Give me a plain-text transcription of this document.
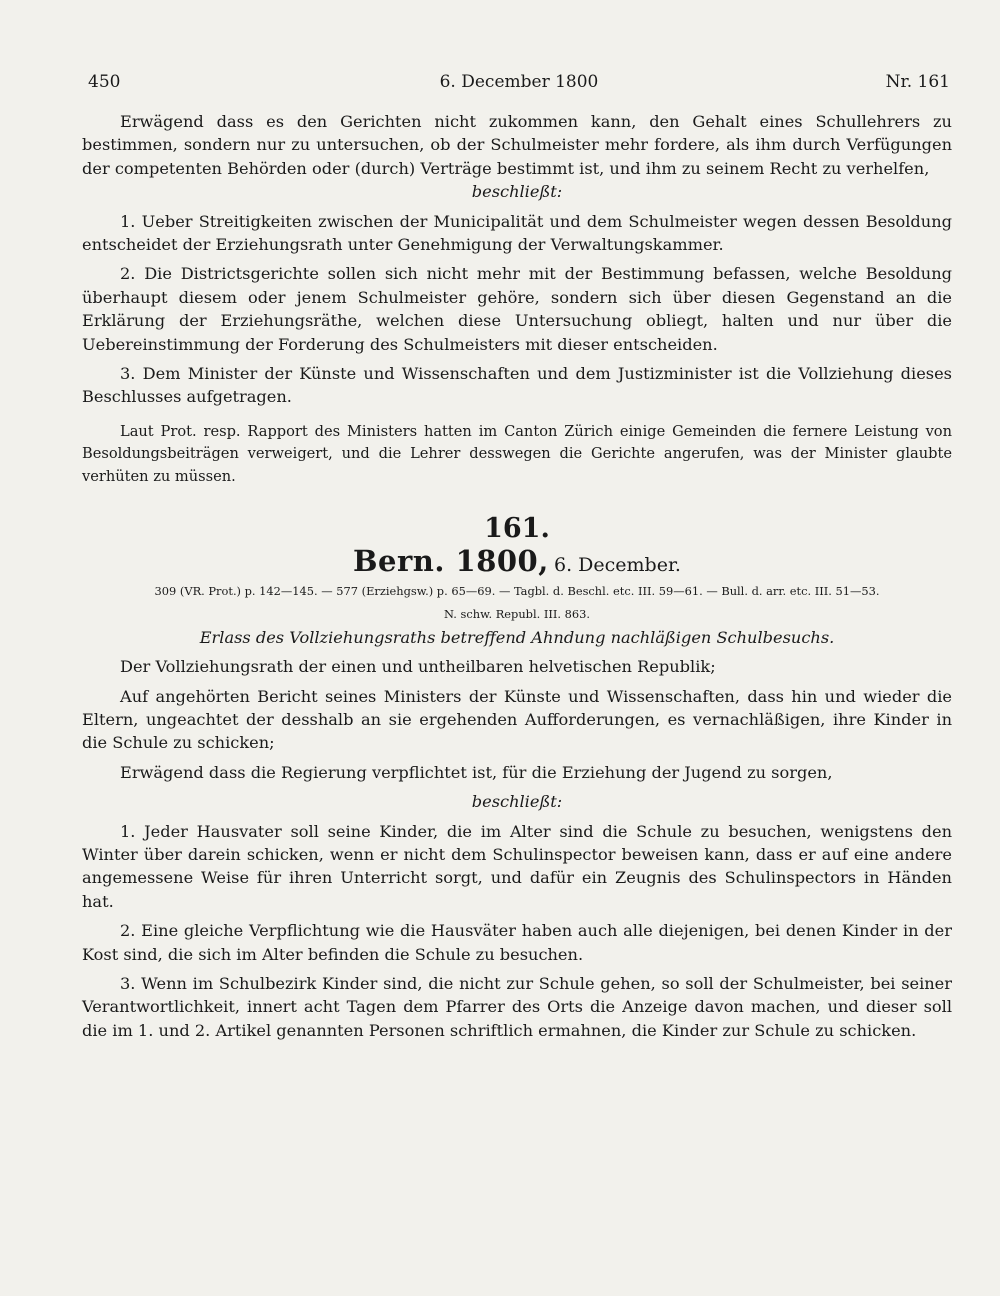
450	6. December 1800	Nr. 161

Erwägend dass es den Gerichten nicht zukommen kann, den Gehalt eines Schullehrers zu bestimmen, sondern nur zu untersuchen, ob der Schulmeister mehr fordere, als ihm durch Verfügungen der competenten Behörden oder (durch) Verträge bestimmt ist, und ihm zu seinem Recht zu verhelfen,

beschließt:

1. Ueber Streitigkeiten zwischen der Municipalität und dem Schulmeister wegen dessen Besoldung entscheidet der Erziehungsrath unter Genehmigung der Verwaltungskammer.

2. Die Districtsgerichte sollen sich nicht mehr mit der Bestimmung befassen, welche Besoldung überhaupt diesem oder jenem Schulmeister gehöre, sondern sich über diesen Gegenstand an die Erklärung der Erziehungsräthe, welchen diese Untersuchung obliegt, halten und nur über die Uebereinstimmung der Forderung des Schulmeisters mit dieser entscheiden.

3. Dem Minister der Künste und Wissenschaften und dem Justizminister ist die Vollziehung dieses Beschlusses aufgetragen.

Laut Prot. resp. Rapport des Ministers hatten im Canton Zürich einige Gemeinden die fernere Leistung von Besoldungsbeiträgen verweigert, und die Lehrer desswegen die Gerichte angerufen, was der Minister glaubte verhüten zu müssen.

161.

Bern. 1800, 6. December.

309 (VR. Prot.) p. 142—145. — 577 (Erziehgsw.) p. 65—69. — Tagbl. d. Beschl. etc. III. 59—61. — Bull. d. arr. etc. III. 51—53.

N. schw. Republ. III. 863.

Erlass des Vollziehungsraths betreffend Ahndung nachläßigen Schulbesuchs.

Der Vollziehungsrath der einen und untheilbaren helvetischen Republik;

Auf angehörten Bericht seines Ministers der Künste und Wissenschaften, dass hin und wieder die Eltern, ungeachtet der desshalb an sie ergehenden Aufforderungen, es vernachläßigen, ihre Kinder in die Schule zu schicken;

Erwägend dass die Regierung verpflichtet ist, für die Erziehung der Jugend zu sorgen,

beschließt:

1. Jeder Hausvater soll seine Kinder, die im Alter sind die Schule zu besuchen, wenigstens den Winter über darein schicken, wenn er nicht dem Schulinspector beweisen kann, dass er auf eine andere angemessene Weise für ihren Unterricht sorgt, und dafür ein Zeugnis des Schulinspectors in Händen hat.

2. Eine gleiche Verpflichtung wie die Hausväter haben auch alle diejenigen, bei denen Kinder in der Kost sind, die sich im Alter befinden die Schule zu besuchen.

3. Wenn im Schulbezirk Kinder sind, die nicht zur Schule gehen, so soll der Schulmeister, bei seiner Verantwortlichkeit, innert acht Tagen dem Pfarrer des Orts die Anzeige davon machen, und dieser soll die im 1. und 2. Artikel genannten Personen schriftlich ermahnen, die Kinder zur Schule zu schicken.
